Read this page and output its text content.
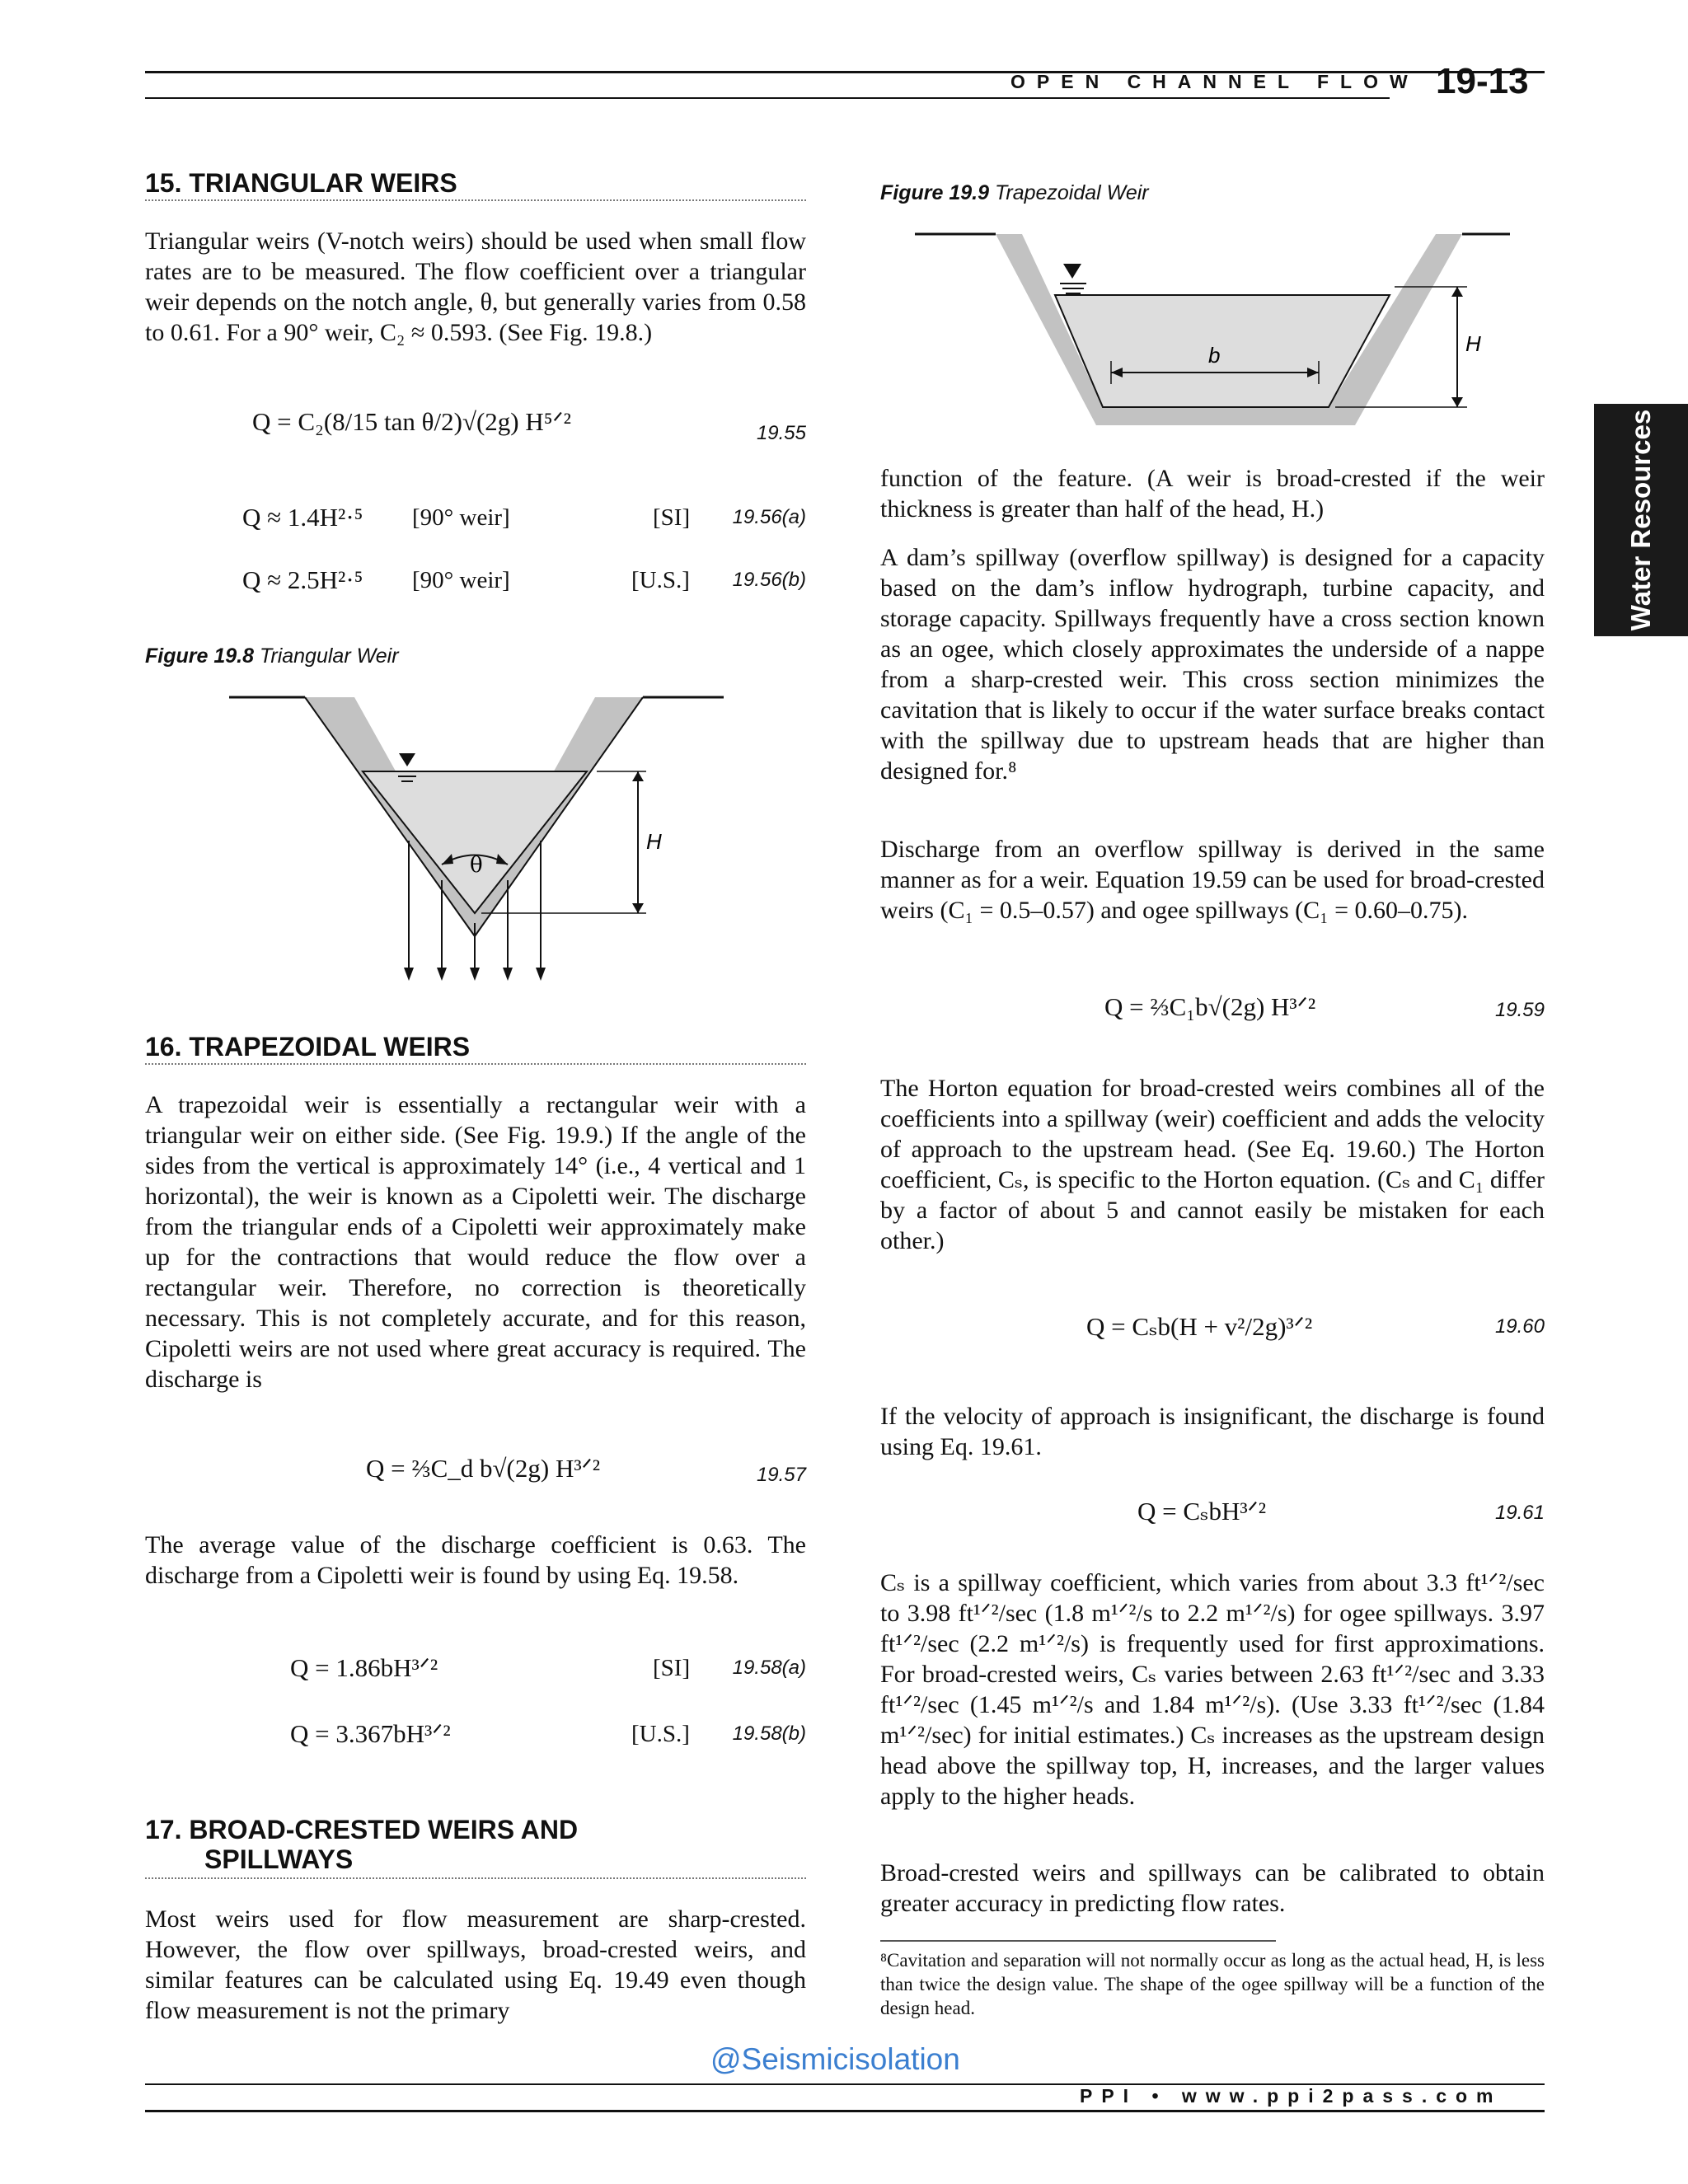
OPEN CHANNEL FLOW 19-13
Water Resources
15. TRIANGULAR WEIRS

Triangular weirs (V-notch weirs) should be used when small flow rates are to be measured. The flow coefficient over a triangular weir depends on the notch angle, θ, but generally varies from 0.58 to 0.61. For a 90° weir, C₂ ≈ 0.593. (See Fig. 19.8.)

Q = C₂(8/15 tan θ/2)√(2g) H⁵ᐟ²	19.55
Q ≈ 1.4H²·⁵ [90° weir]	[SI]	19.56(a)
Q ≈ 2.5H²·⁵ [90° weir]	[U.S.]	19.56(b)
Figure 19.8 Triangular Weir
θ
H
16. TRAPEZOIDAL WEIRS

A trapezoidal weir is essentially a rectangular weir with a triangular weir on either side. (See Fig. 19.9.) If the angle of the sides from the vertical is approximately 14° (i.e., 4 vertical and 1 horizontal), the weir is known as a Cipoletti weir. The discharge from the triangular ends of a Cipoletti weir approximately make up for the contractions that would reduce the flow over a rectangular weir. Therefore, no correction is theoretically necessary. This is not completely accurate, and for this reason, Cipoletti weirs are not used where great accuracy is required. The discharge is

Q = ⅔C_d b√(2g) H³ᐟ²	19.57

The average value of the discharge coefficient is 0.63. The discharge from a Cipoletti weir is found by using Eq. 19.58.

Q = 1.86bH³ᐟ²	[SI]	19.58(a)
Q = 3.367bH³ᐟ²	[U.S.]	19.58(b)
17. BROAD-CRESTED WEIRS AND
SPILLWAYS

Most weirs used for flow measurement are sharp-crested. However, the flow over spillways, broad-crested weirs, and similar features can be calculated using Eq. 19.49 even though flow measurement is not the primary

Figure 19.9 Trapezoidal Weir
b	H

function of the feature. (A weir is broad-crested if the weir thickness is greater than half of the head, H.)

A dam’s spillway (overflow spillway) is designed for a capacity based on the dam’s inflow hydrograph, turbine capacity, and storage capacity. Spillways frequently have a cross section known as an ogee, which closely approximates the underside of a nappe from a sharp-crested weir. This cross section minimizes the cavitation that is likely to occur if the water surface breaks contact with the spillway due to upstream heads that are higher than designed for.⁸

Discharge from an overflow spillway is derived in the same manner as for a weir. Equation 19.59 can be used for broad-crested weirs (C₁ = 0.5–0.57) and ogee spillways (C₁ = 0.60–0.75).

Q = ⅔C₁b√(2g) H³ᐟ²	19.59

The Horton equation for broad-crested weirs combines all of the coefficients into a spillway (weir) coefficient and adds the velocity of approach to the upstream head. (See Eq. 19.60.) The Horton coefficient, Cₛ, is specific to the Horton equation. (Cₛ and C₁ differ by a factor of about 5 and cannot easily be mistaken for each other.)

Q = Cₛb(H + v²/2g)³ᐟ²	19.60

If the velocity of approach is insignificant, the discharge is found using Eq. 19.61.

Q = CₛbH³ᐟ²	19.61

Cₛ is a spillway coefficient, which varies from about 3.3 ft¹ᐟ²/sec to 3.98 ft¹ᐟ²/sec (1.8 m¹ᐟ²/s to 2.2 m¹ᐟ²/s) for ogee spillways. 3.97 ft¹ᐟ²/sec (2.2 m¹ᐟ²/s) is frequently used for first approximations. For broad-crested weirs, Cₛ varies between 2.63 ft¹ᐟ²/sec and 3.33 ft¹ᐟ²/sec (1.45 m¹ᐟ²/s and 1.84 m¹ᐟ²/s). (Use 3.33 ft¹ᐟ²/sec (1.84 m¹ᐟ²/sec) for initial estimates.) Cₛ increases as the upstream design head above the spillway top, H, increases, and the larger values apply to the higher heads.

Broad-crested weirs and spillways can be calibrated to obtain greater accuracy in predicting flow rates.

⁸Cavitation and separation will not normally occur as long as the actual head, H, is less than twice the design value. The shape of the ogee spillway will be a function of the design head.
@Seismicisolation
PPI • www.ppi2pass.com
